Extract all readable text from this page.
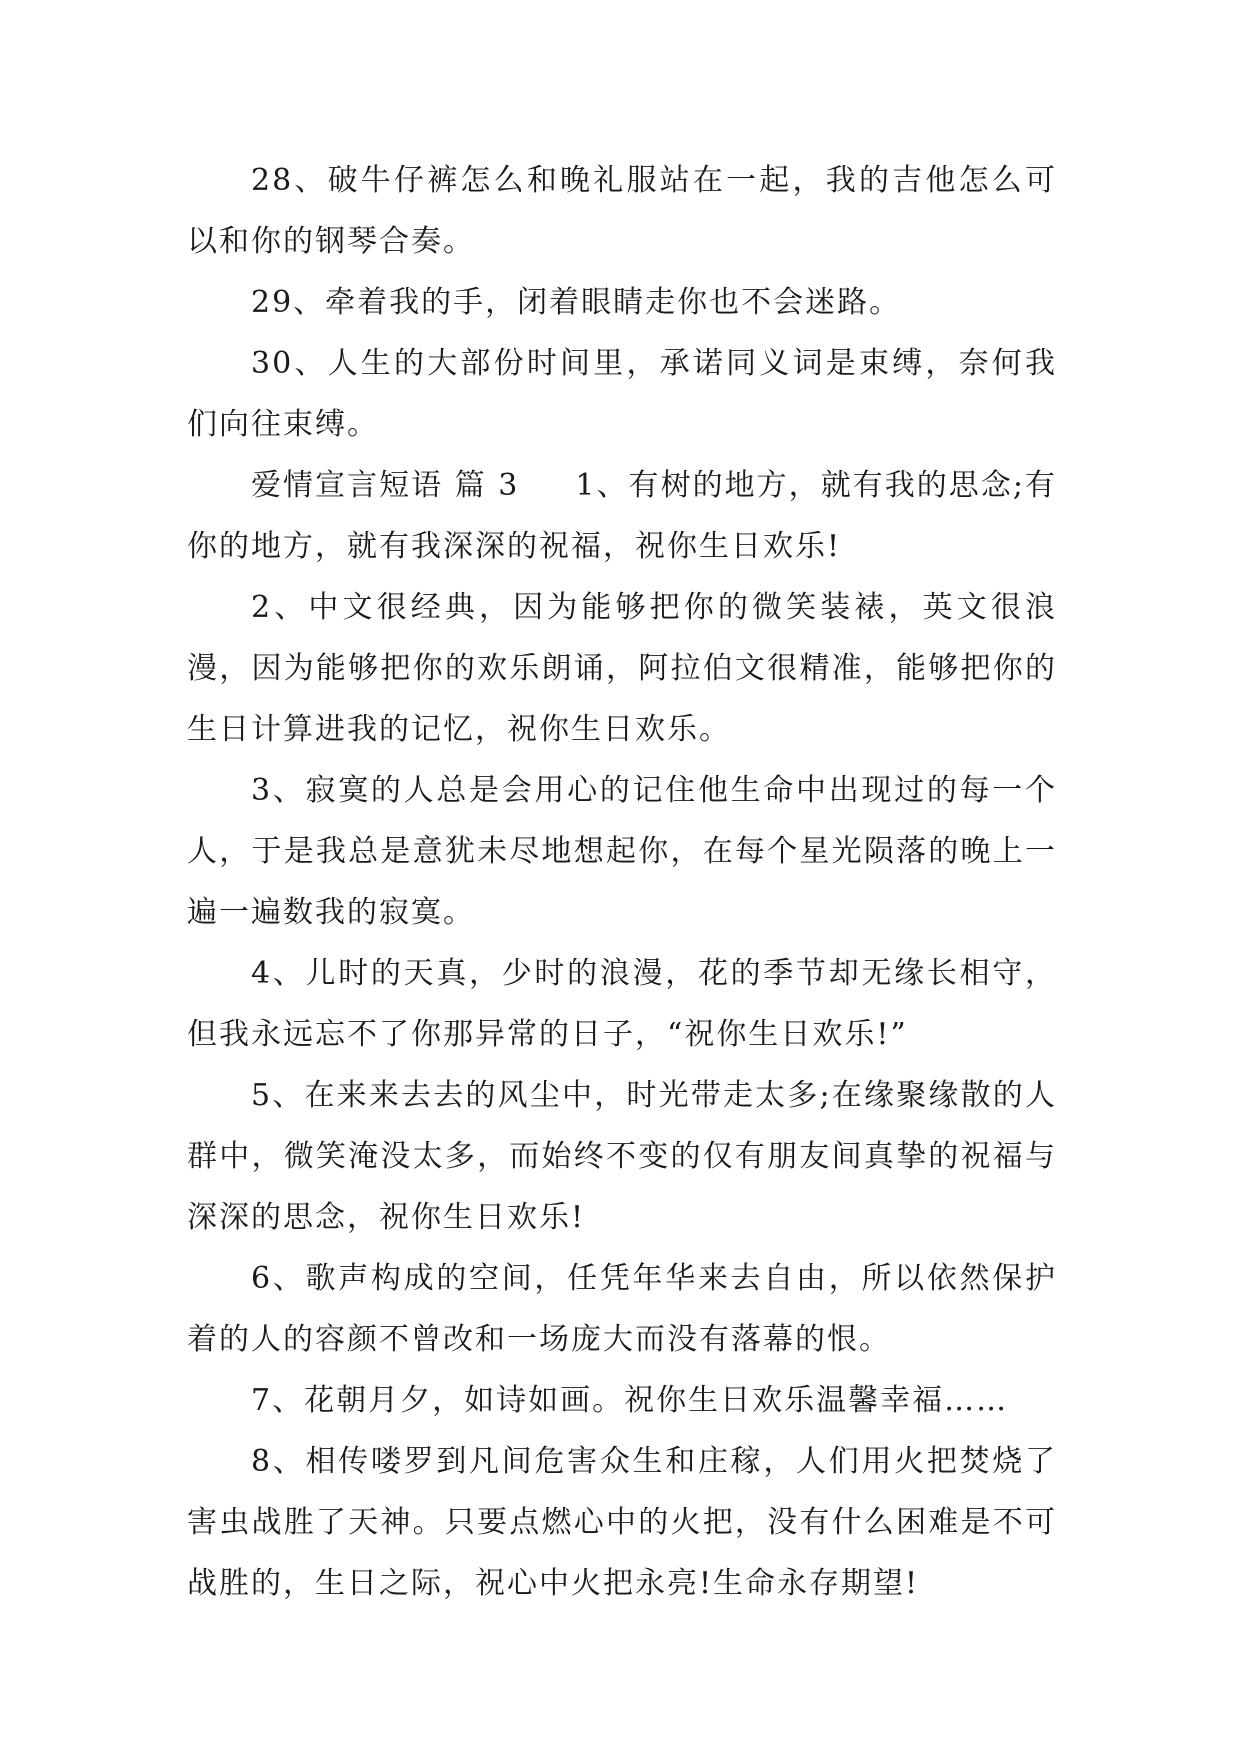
28、破牛仔裤怎么和晚礼服站在一起，我的吉他怎么可以和你的钢琴合奏。

29、牵着我的手，闭着眼睛走你也不会迷路。

30、人生的大部份时间里，承诺同义词是束缚，奈何我们向往束缚。

爱情宣言短语 篇 3 1、有树的地方，就有我的思念;有你的地方，就有我深深的祝福，祝你生日欢乐!

2、中文很经典，因为能够把你的微笑装裱，英文很浪漫，因为能够把你的欢乐朗诵，阿拉伯文很精准，能够把你的生日计算进我的记忆，祝你生日欢乐。

3、寂寞的人总是会用心的记住他生命中出现过的每一个人，于是我总是意犹未尽地想起你，在每个星光陨落的晚上一遍一遍数我的寂寞。

4、儿时的天真，少时的浪漫，花的季节却无缘长相守，但我永远忘不了你那异常的日子，“祝你生日欢乐!”

5、在来来去去的风尘中，时光带走太多;在缘聚缘散的人群中，微笑淹没太多，而始终不变的仅有朋友间真挚的祝福与深深的思念，祝你生日欢乐!

6、歌声构成的空间，任凭年华来去自由，所以依然保护着的人的容颜不曾改和一场庞大而没有落幕的恨。

7、花朝月夕，如诗如画。祝你生日欢乐温馨幸福……

8、相传喽罗到凡间危害众生和庄稼，人们用火把焚烧了害虫战胜了天神。只要点燃心中的火把，没有什么困难是不可战胜的，生日之际，祝心中火把永亮!生命永存期望!
